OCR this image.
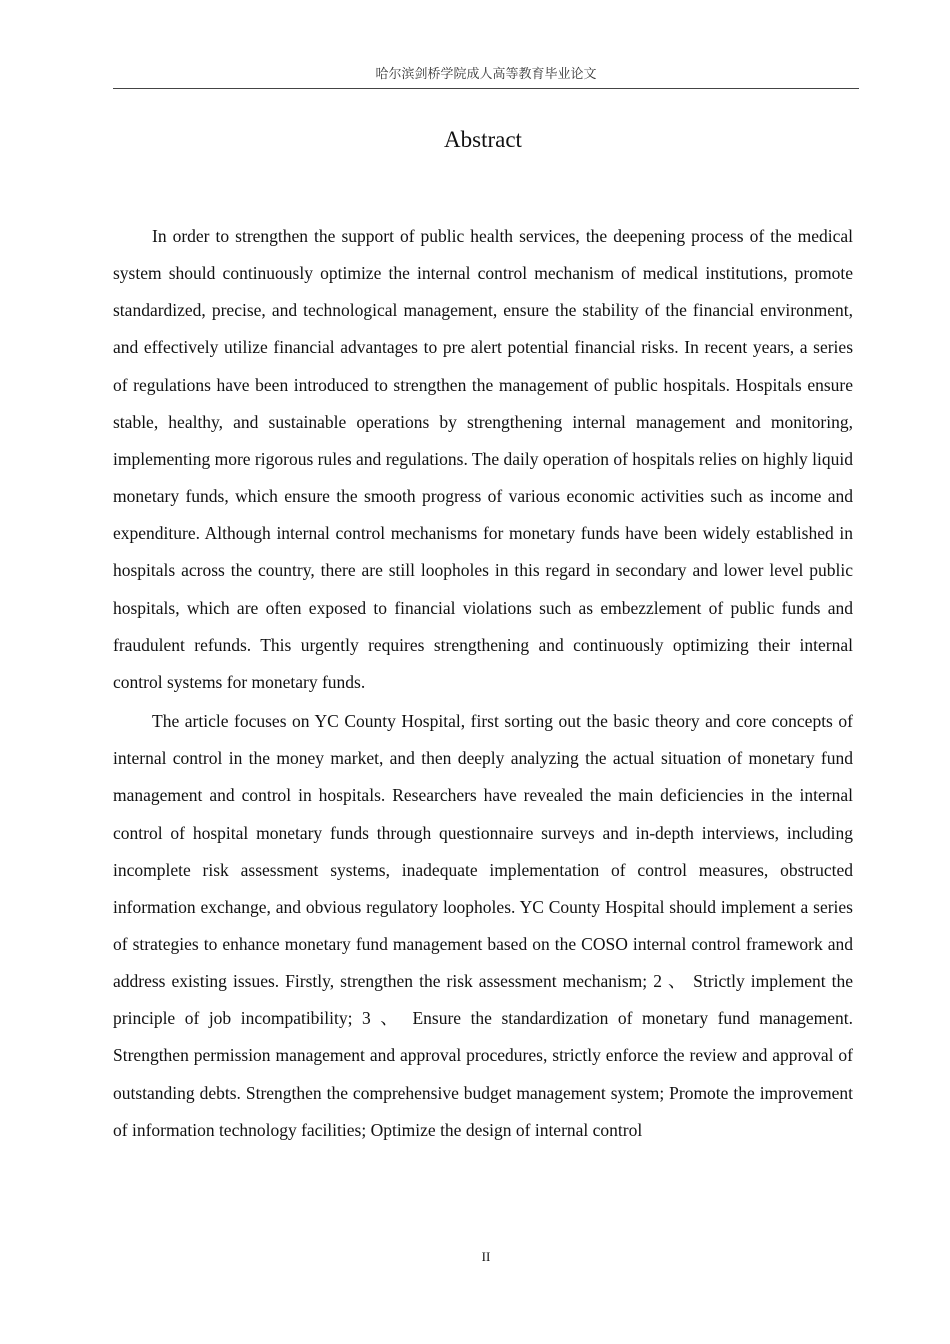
哈尔滨剑桥学院成人高等教育毕业论文
Abstract

In order to strengthen the support of public health services, the deepening process of the medical system should continuously optimize the internal control mechanism of medical institutions, promote standardized, precise, and technological management, ensure the stability of the financial environment, and effectively utilize financial advantages to pre alert potential financial risks. In recent years, a series of regulations have been introduced to strengthen the management of public hospitals. Hospitals ensure stable, healthy, and sustainable operations by strengthening internal management and monitoring, implementing more rigorous rules and regulations. The daily operation of hospitals relies on highly liquid monetary funds, which ensure the smooth progress of various economic activities such as income and expenditure. Although internal control mechanisms for monetary funds have been widely established in hospitals across the country, there are still loopholes in this regard in secondary and lower level public hospitals, which are often exposed to financial violations such as embezzlement of public funds and fraudulent refunds. This urgently requires strengthening and continuously optimizing their internal control systems for monetary funds.

The article focuses on YC County Hospital, first sorting out the basic theory and core concepts of internal control in the money market, and then deeply analyzing the actual situation of monetary fund management and control in hospitals. Researchers have revealed the main deficiencies in the internal control of hospital monetary funds through questionnaire surveys and in-depth interviews, including incomplete risk assessment systems, inadequate implementation of control measures, obstructed information exchange, and obvious regulatory loopholes. YC County Hospital should implement a series of strategies to enhance monetary fund management based on the COSO internal control framework and address existing issues. Firstly, strengthen the risk assessment mechanism; 2 、 Strictly implement the principle of job incompatibility; 3 、 Ensure the standardization of monetary fund management. Strengthen permission management and approval procedures, strictly enforce the review and approval of outstanding debts. Strengthen the comprehensive budget management system; Promote the improvement of information technology facilities; Optimize the design of internal control

II
